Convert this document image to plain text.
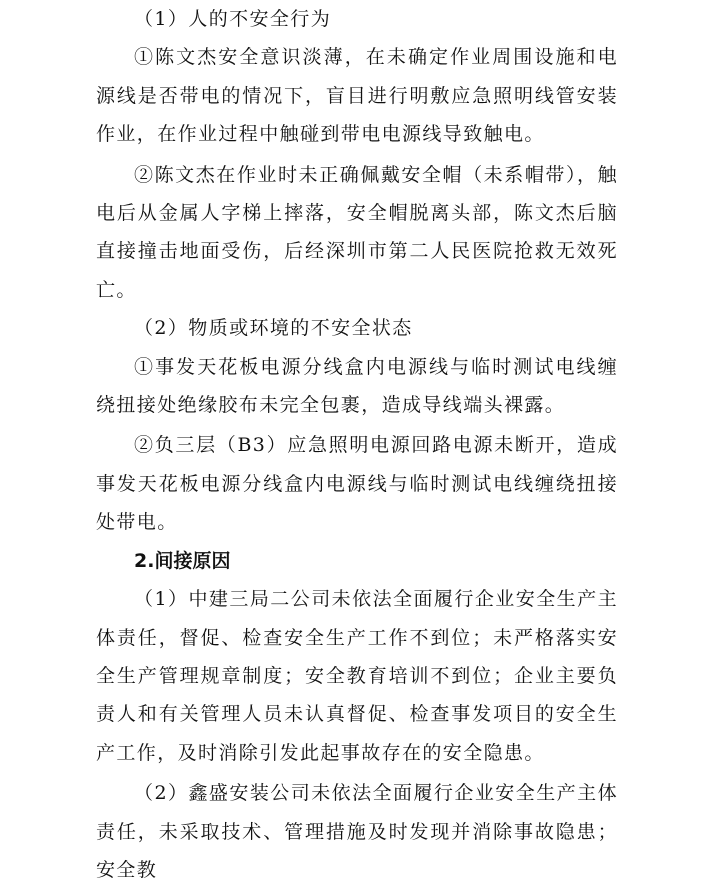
（1）人的不安全行为

①陈文杰安全意识淡薄，在未确定作业周围设施和电源线是否带电的情况下，盲目进行明敷应急照明线管安装作业，在作业过程中触碰到带电电源线导致触电。

②陈文杰在作业时未正确佩戴安全帽（未系帽带），触电后从金属人字梯上摔落，安全帽脱离头部，陈文杰后脑直接撞击地面受伤，后经深圳市第二人民医院抢救无效死亡。

（2）物质或环境的不安全状态

①事发天花板电源分线盒内电源线与临时测试电线缠绕扭接处绝缘胶布未完全包裹，造成导线端头裸露。

②负三层（B3）应急照明电源回路电源未断开，造成事发天花板电源分线盒内电源线与临时测试电线缠绕扭接处带电。

2.间接原因

（1）中建三局二公司未依法全面履行企业安全生产主体责任，督促、检查安全生产工作不到位；未严格落实安全生产管理规章制度；安全教育培训不到位；企业主要负责人和有关管理人员未认真督促、检查事发项目的安全生产工作，及时消除引发此起事故存在的安全隐患。

（2）鑫盛安装公司未依法全面履行企业安全生产主体责任，未采取技术、管理措施及时发现并消除事故隐患；安全教
